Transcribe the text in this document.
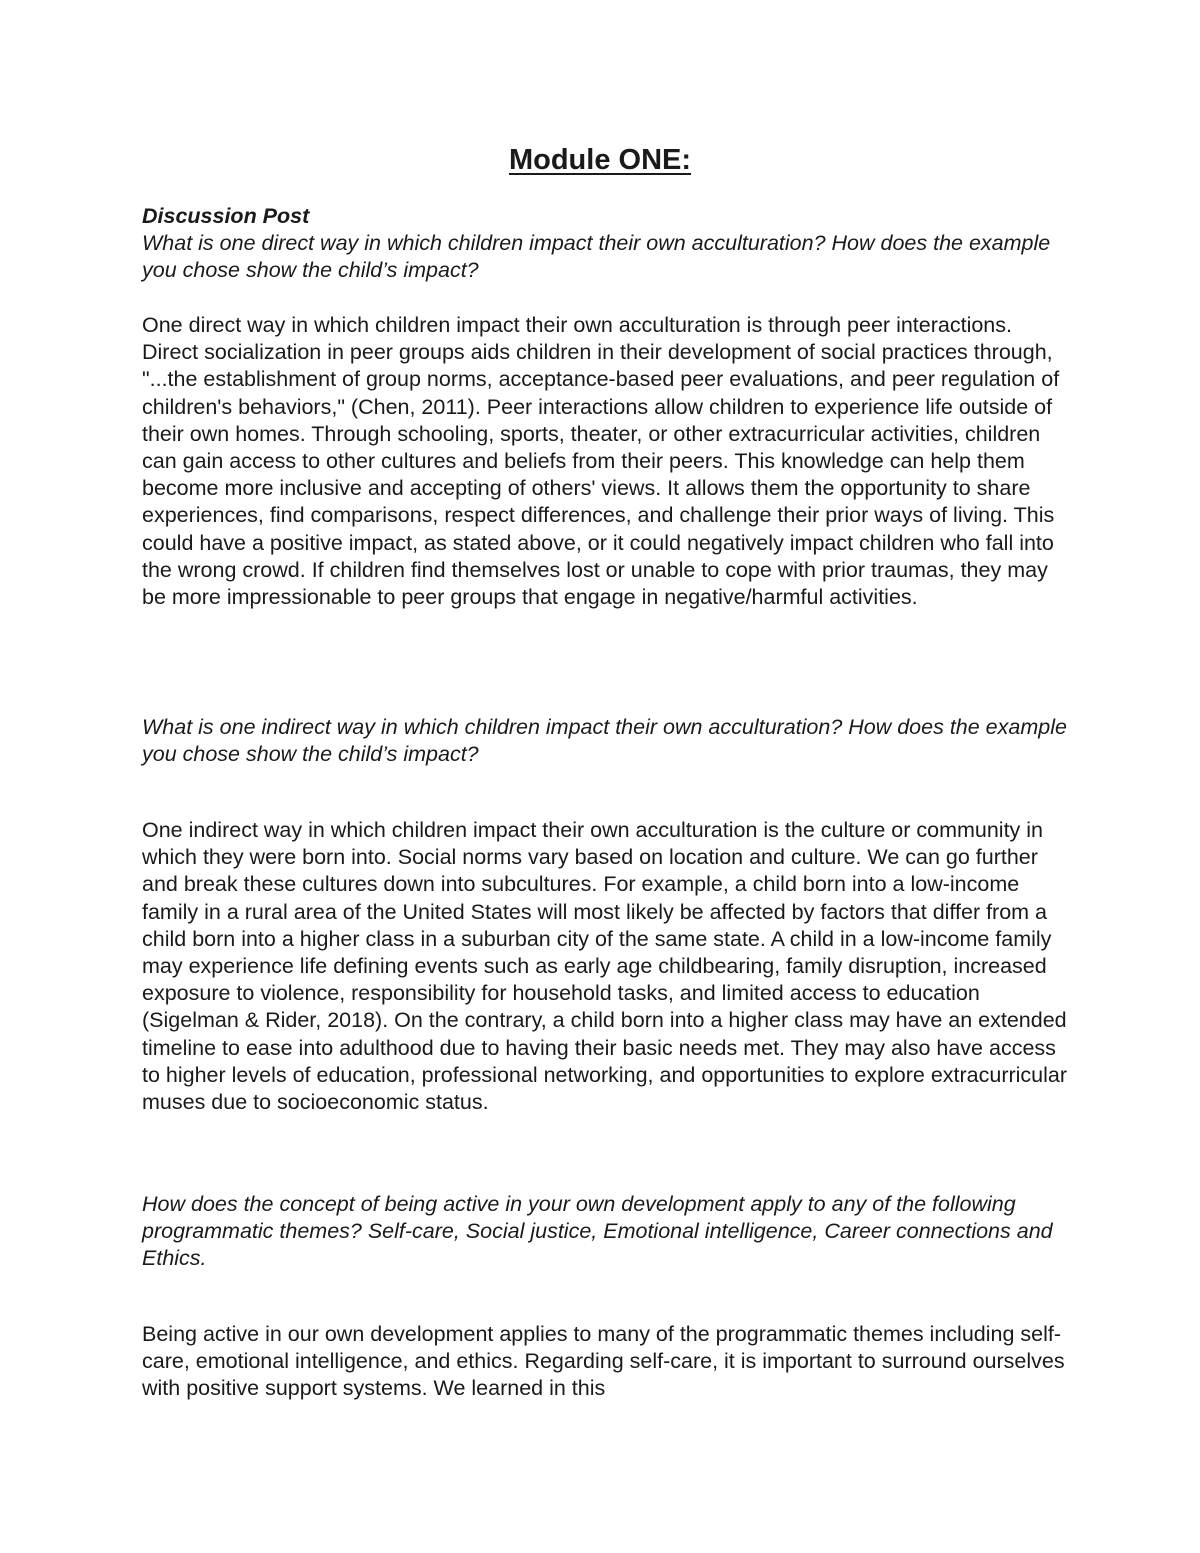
Module ONE:
Discussion Post

What is one direct way in which children impact their own acculturation? How does the example you chose show the child’s impact?

One direct way in which children impact their own acculturation is through peer interactions. Direct socialization in peer groups aids children in their development of social practices through, "...the establishment of group norms, acceptance-based peer evaluations, and peer regulation of children's behaviors," (Chen, 2011). Peer interactions allow children to experience life outside of their own homes. Through schooling, sports, theater, or other extracurricular activities, children can gain access to other cultures and beliefs from their peers. This knowledge can help them become more inclusive and accepting of others' views. It allows them the opportunity to share experiences, find comparisons, respect differences, and challenge their prior ways of living. This could have a positive impact, as stated above, or it could negatively impact children who fall into the wrong crowd. If children find themselves lost or unable to cope with prior traumas, they may be more impressionable to peer groups that engage in negative/harmful activities.

What is one indirect way in which children impact their own acculturation? How does the example you chose show the child’s impact?

One indirect way in which children impact their own acculturation is the culture or community in which they were born into. Social norms vary based on location and culture. We can go further and break these cultures down into subcultures. For example, a child born into a low-income family in a rural area of the United States will most likely be affected by factors that differ from a child born into a higher class in a suburban city of the same state. A child in a low-income family may experience life defining events such as early age childbearing, family disruption, increased exposure to violence, responsibility for household tasks, and limited access to education (Sigelman & Rider, 2018). On the contrary, a child born into a higher class may have an extended timeline to ease into adulthood due to having their basic needs met. They may also have access to higher levels of education, professional networking, and opportunities to explore extracurricular muses due to socioeconomic status.

How does the concept of being active in your own development apply to any of the following programmatic themes? Self-care, Social justice, Emotional intelligence, Career connections and Ethics.

Being active in our own development applies to many of the programmatic themes including self-care, emotional intelligence, and ethics. Regarding self-care, it is important to surround ourselves with positive support systems. We learned in this
